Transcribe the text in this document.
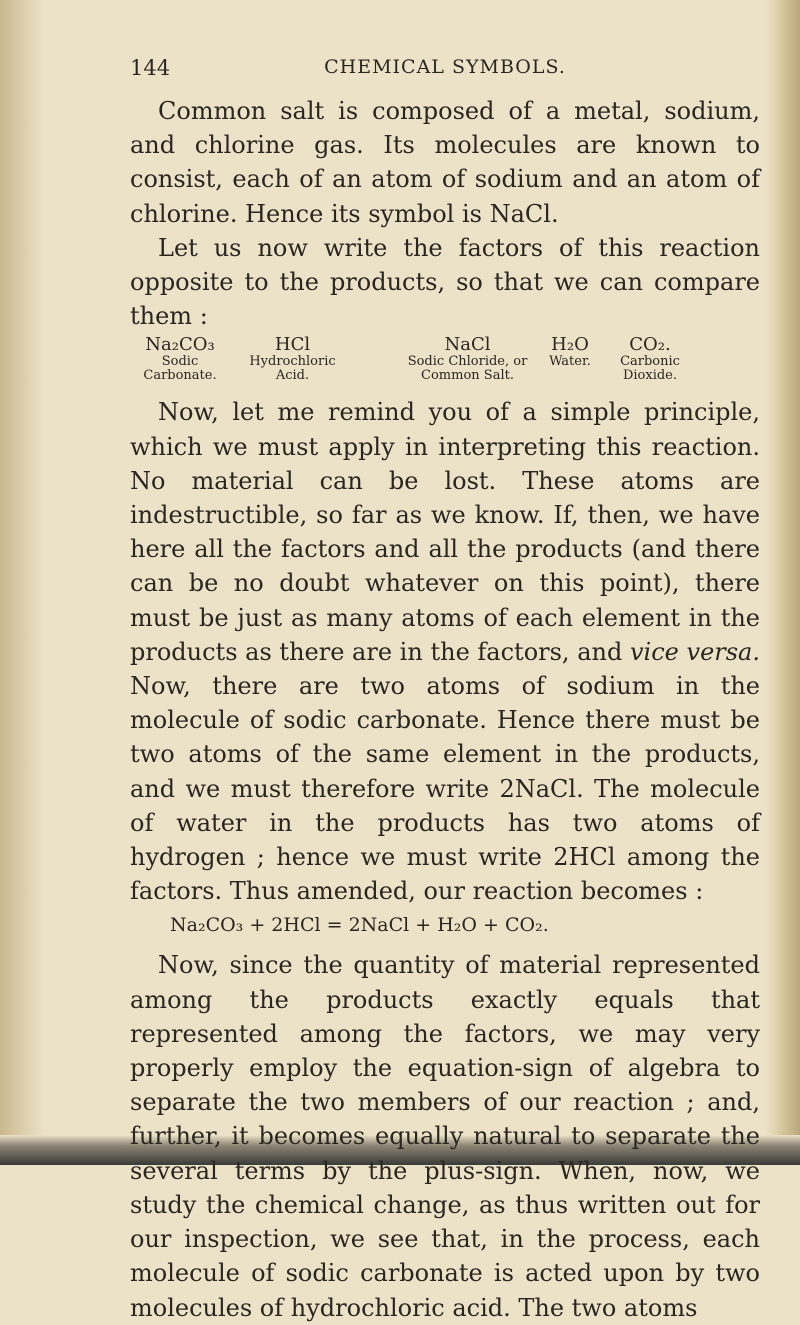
144	CHEMICAL SYMBOLS.

Common salt is composed of a metal, sodium, and chlorine gas. Its molecules are known to consist, each of an atom of sodium and an atom of chlorine. Hence its symbol is NaCl.

Let us now write the factors of this reaction opposite to the products, so that we can compare them :

Na₂CO₃
Sodic
Carbonate.
HCl
Hydrochloric
Acid.
NaCl
Sodic Chloride, or
Common Salt.
H₂O
Water.
CO₂.
Carbonic
Dioxide.

Now, let me remind you of a simple principle, which we must apply in interpreting this reaction. No material can be lost. These atoms are indestructible, so far as we know. If, then, we have here all the factors and all the products (and there can be no doubt whatever on this point), there must be just as many atoms of each element in the products as there are in the factors, and vice versa. Now, there are two atoms of sodium in the molecule of sodic carbonate. Hence there must be two atoms of the same element in the products, and we must therefore write 2NaCl. The molecule of water in the products has two atoms of hydrogen ; hence we must write 2HCl among the factors. Thus amended, our reaction becomes :

Na₂CO₃ + 2HCl = 2NaCl + H₂O + CO₂.

Now, since the quantity of material represented among the products exactly equals that represented among the factors, we may very properly employ the equation-sign of algebra to separate the two members of our reaction ; and, further, it becomes equally natural to separate the several terms by the plus-sign. When, now, we study the chemical change, as thus written out for our inspection, we see that, in the process, each molecule of sodic carbonate is acted upon by two molecules of hydrochloric acid. The two atoms
